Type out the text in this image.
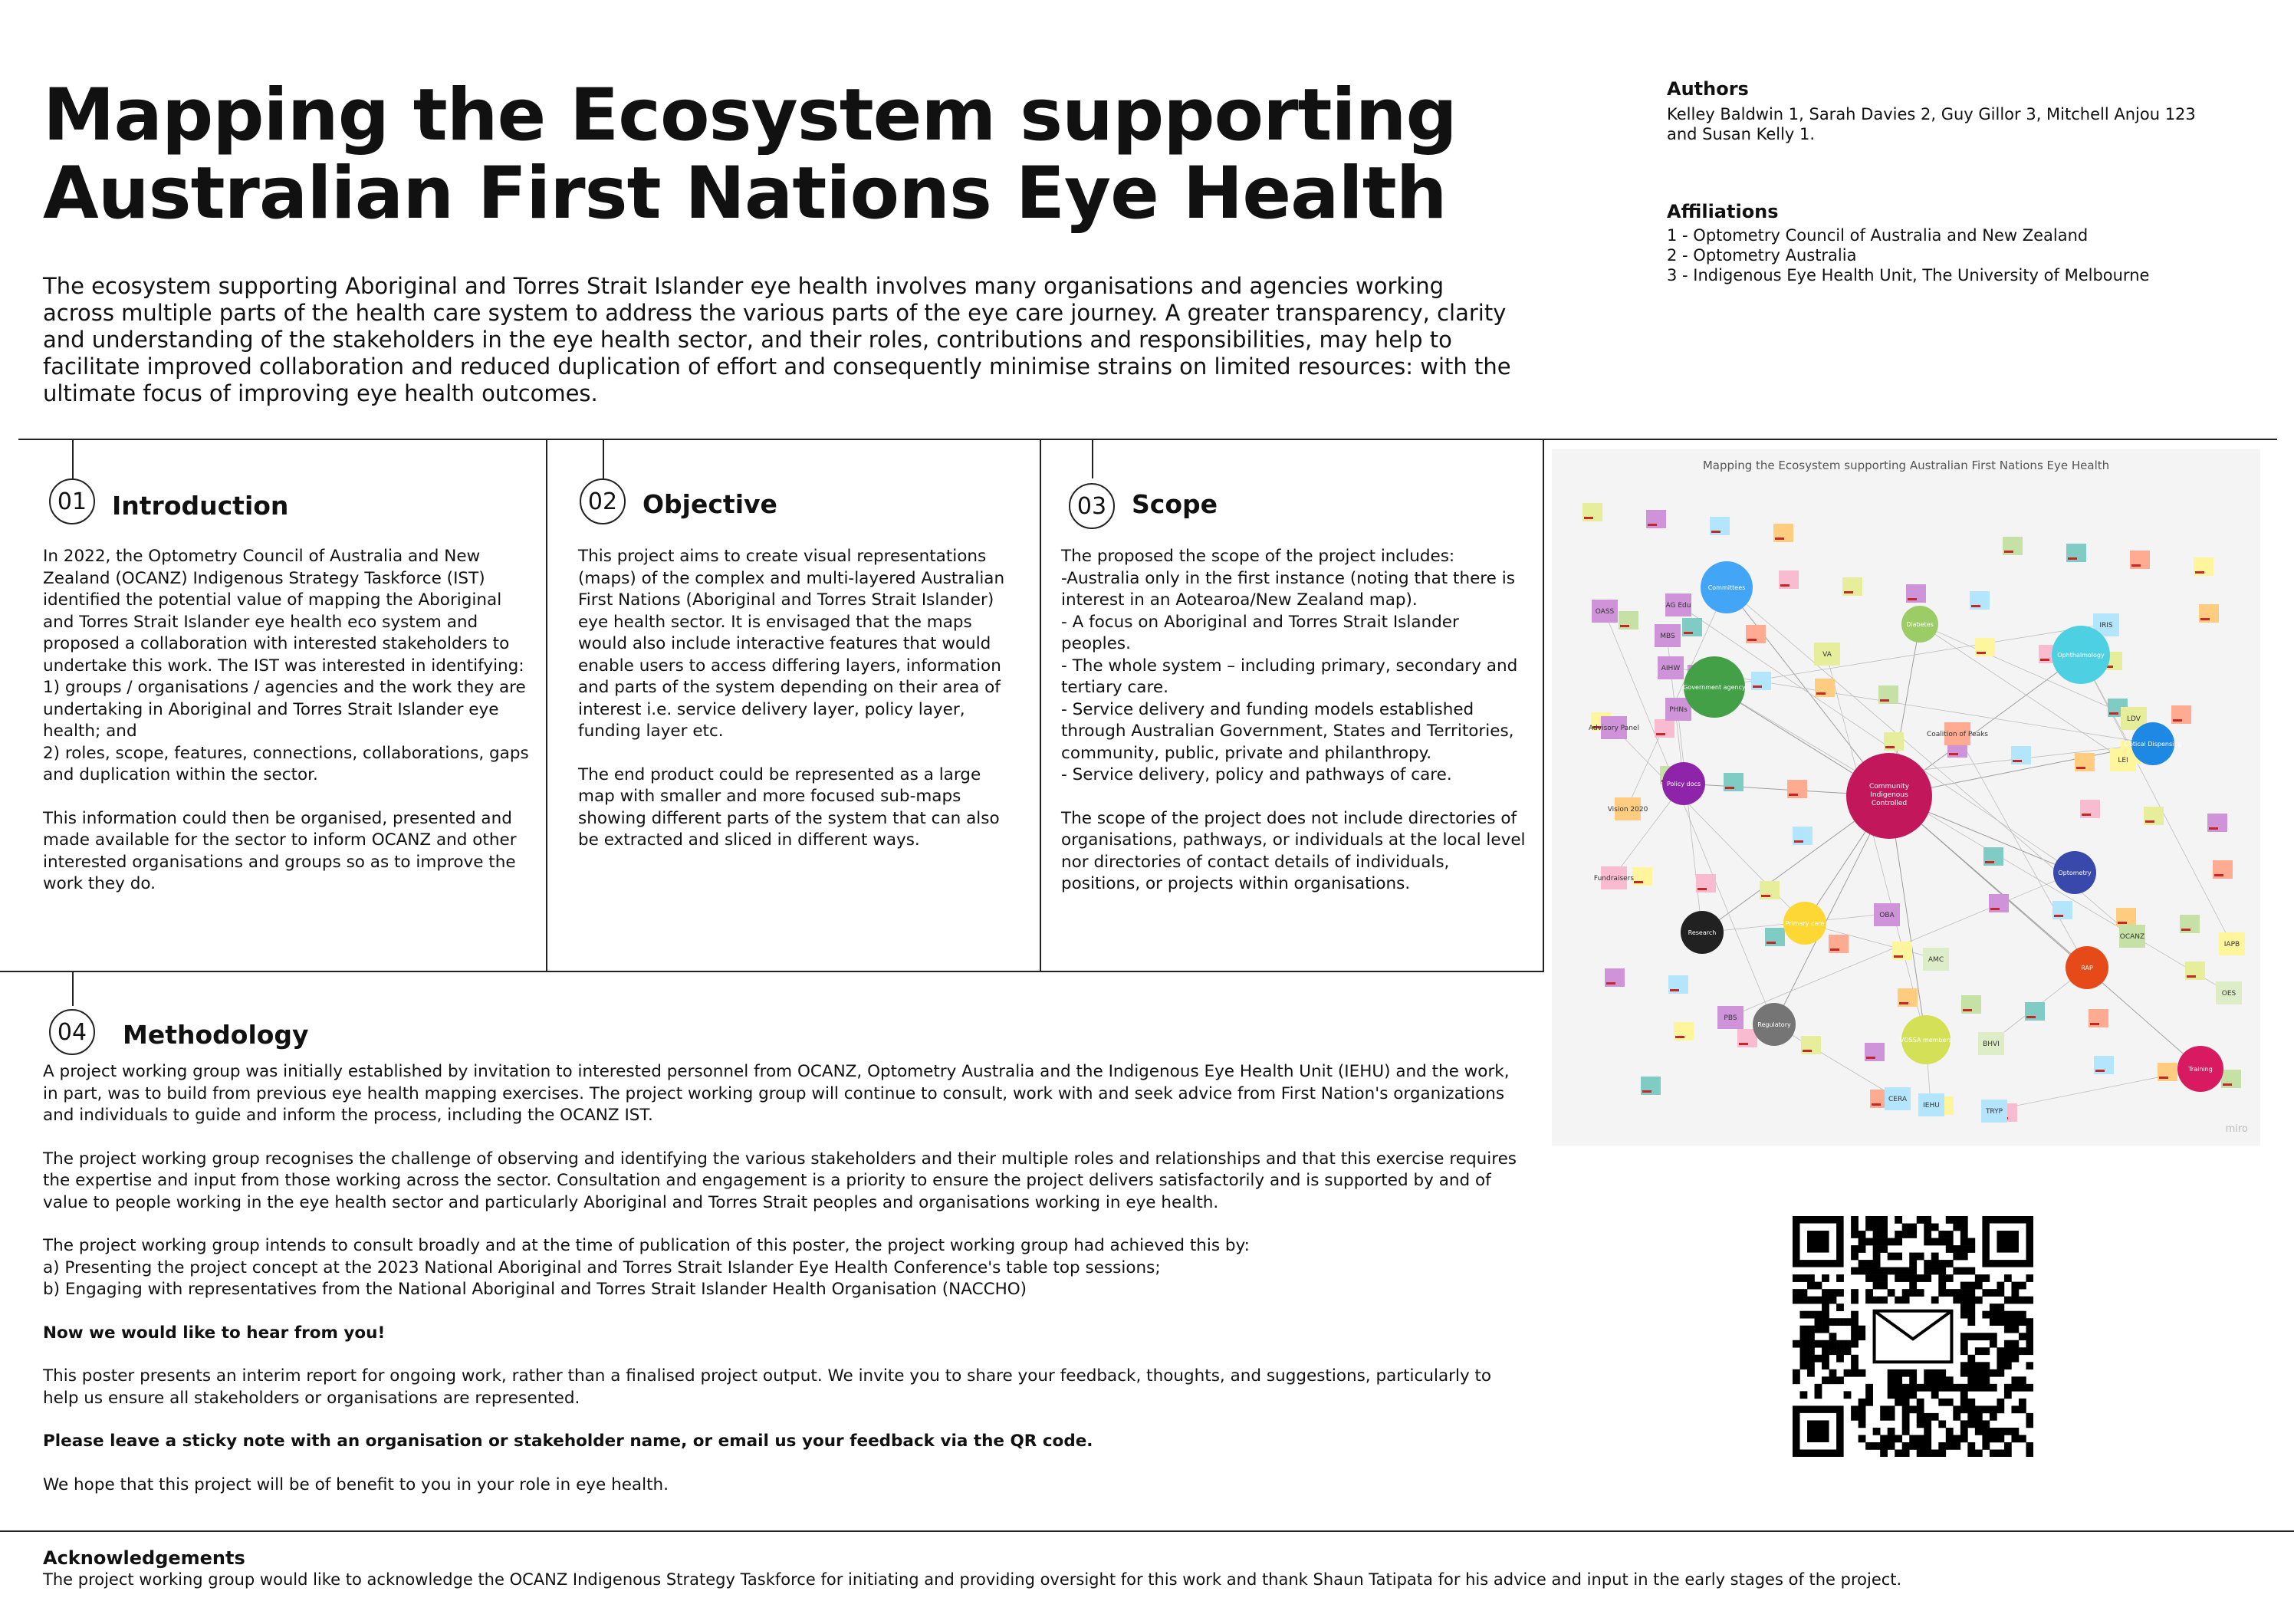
Mapping the Ecosystem supporting
Australian First Nations Eye Health

The ecosystem supporting Aboriginal and Torres Strait Islander eye health involves many organisations and agencies working across multiple parts of the health care system to address the various parts of the eye care journey. A greater transparency, clarity and understanding of the stakeholders in the eye health sector, and their roles, contributions and responsibilities, may help to facilitate improved collaboration and reduced duplication of effort and consequently minimise strains on limited resources: with the ultimate focus of improving eye health outcomes.

Authors

Kelley Baldwin 1, Sarah Davies 2, Guy Gillor 3, Mitchell Anjou 123 and Susan Kelly 1.

Affiliations
1 - Optometry Council of Australia and New Zealand
2 - Optometry Australia
3 - Indigenous Eye Health Unit, The University of Melbourne
01 Introduction

In 2022, the Optometry Council of Australia and New Zealand (OCANZ) Indigenous Strategy Taskforce (IST) identified the potential value of mapping the Aboriginal and Torres Strait Islander eye health eco system and proposed a collaboration with interested stakeholders to undertake this work. The IST was interested in identifying:
1) groups / organisations / agencies and the work they are undertaking in Aboriginal and Torres Strait Islander eye health; and
2) roles, scope, features, connections, collaborations, gaps and duplication within the sector.

This information could then be organised, presented and made available for the sector to inform OCANZ and other interested organisations and groups so as to improve the work they do.

02 Objective

This project aims to create visual representations (maps) of the complex and multi-layered Australian First Nations (Aboriginal and Torres Strait Islander) eye health sector. It is envisaged that the maps would also include interactive features that would enable users to access differing layers, information and parts of the system depending on their area of interest i.e. service delivery layer, policy layer, funding layer etc.

The end product could be represented as a large map with smaller and more focused sub-maps showing different parts of the system that can also be extracted and sliced in different ways.

03 Scope

The proposed the scope of the project includes:
-Australia only in the first instance (noting that there is interest in an Aotearoa/New Zealand map).
- A focus on Aboriginal and Torres Strait Islander peoples.
- The whole system – including primary, secondary and tertiary care.
- Service delivery and funding models established through Australian Government, States and Territories, community, public, private and philanthropy.
- Service delivery, policy and pathways of care.

The scope of the project does not include directories of organisations, pathways, or individuals at the local level nor directories of contact details of individuals, positions, or projects within organisations.

04	Methodology

A project working group was initially established by invitation to interested personnel from OCANZ, Optometry Australia and the Indigenous Eye Health Unit (IEHU) and the work, in part, was to build from previous eye health mapping exercises. The project working group will continue to consult, work with and seek advice from First Nation's organizations and individuals to guide and inform the process, including the OCANZ IST.

The project working group recognises the challenge of observing and identifying the various stakeholders and their multiple roles and relationships and that this exercise requires the expertise and input from those working across the sector. Consultation and engagement is a priority to ensure the project delivers satisfactorily and is supported by and of value to people working in the eye health sector and particularly Aboriginal and Torres Strait peoples and organisations working in eye health.

The project working group intends to consult broadly and at the time of publication of this poster, the project working group had achieved this by:
a) Presenting the project concept at the 2023 National Aboriginal and Torres Strait Islander Eye Health Conference's table top sessions;
b) Engaging with representatives from the National Aboriginal and Torres Strait Islander Health Organisation (NACCHO)

Now we would like to hear from you!

This poster presents an interim report for ongoing work, rather than a finalised project output. We invite you to share your feedback, thoughts, and suggestions, particularly to help us ensure all stakeholders or organisations are represented.

Please leave a sticky note with an organisation or stakeholder name, or email us your feedback via the QR code.

We hope that this project will be of benefit to you in your role in eye health.

Mapping the Ecosystem supporting Australian First Nations Eye Health

OCANZ
LDV
IRIS
AIHW
MBS
PBS
OBA
AMC
BHVI
CERA
IEHU
TRYP
Vision 2020
LEI
IAPB
OES
Fundraisers
AG Edu
PHNs
Advisory Panel
Coalition of Peaks
OASS
VA
Committees
Diabetes
Ophthalmology
Government agency
Optical Dispensing
Policy docs
Optometry
Research
Primary care
RAP
Regulatory
VOSSA members
Training
Community
Indigenous
Controlled

miro

Acknowledgements

The project working group would like to acknowledge the OCANZ Indigenous Strategy Taskforce for initiating and providing oversight for this work and thank Shaun Tatipata for his advice and input in the early stages of the project.
